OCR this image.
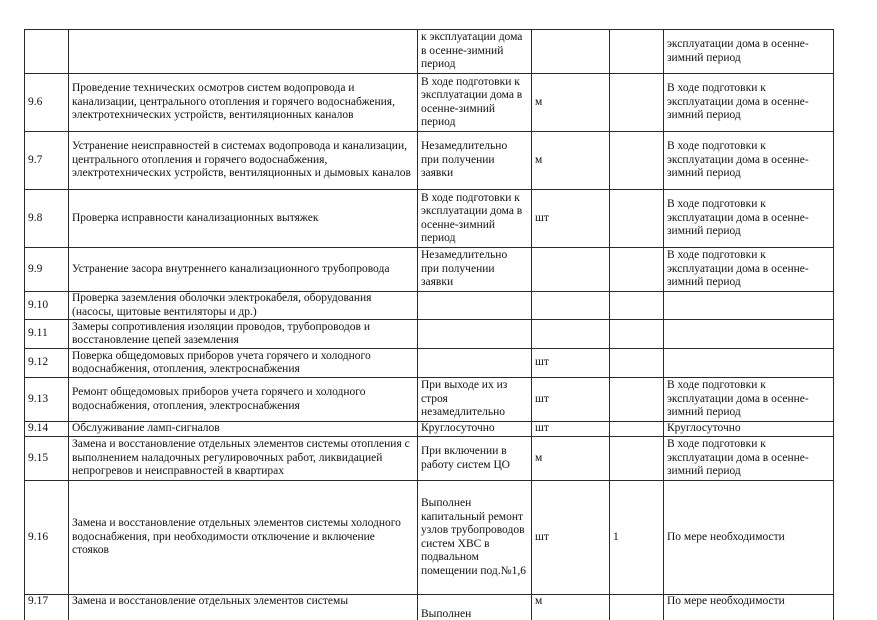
		к эксплуатации дома в осенне-зимний период			эксплуатации дома в осенне-зимний период
9.6	Проведение технических осмотров систем водопровода и канализации, центрального отопления и горячего водоснабжения, электротехнических устройств, вентиляционных каналов	В ходе подготовки к эксплуатации дома в осенне-зимний период	м		В ходе подготовки к эксплуатации дома в осенне-зимний период
9.7	Устранение неисправностей в системах водопровода и канализации, центрального отопления и горячего водоснабжения, электротехнических устройств, вентиляционных и дымовых каналов	Незамедлительно при получении заявки	м		В ходе подготовки к эксплуатации дома в осенне-зимний период
9.8	Проверка исправности канализационных вытяжек	В ходе подготовки к эксплуатации дома в осенне-зимний период	шт		В ходе подготовки к эксплуатации дома в осенне-зимний период
9.9	Устранение засора внутреннего канализационного трубопровода	Незамедлительно при получении заявки			В ходе подготовки к эксплуатации дома в осенне-зимний период
9.10	Проверка заземления оболочки электрокабеля, оборудования (насосы, щитовые вентиляторы и др.)				
9.11	Замеры сопротивления изоляции проводов, трубопроводов и восстановление цепей заземления				
9.12	Поверка общедомовых приборов учета горячего и холодного водоснабжения, отопления, электроснабжения		шт		
9.13	Ремонт общедомовых приборов учета горячего и холодного водоснабжения, отопления, электроснабжения	При выходе их из строя незамедлительно	шт		В ходе подготовки к эксплуатации дома в осенне-зимний период
9.14	Обслуживание ламп-сигналов	Круглосуточно	шт		Круглосуточно
9.15	Замена и восстановление отдельных элементов системы отопления с выполнением наладочных регулировочных работ, ликвидацией непрогревов и неисправностей в квартирах	При включении в работу систем ЦО	м		В ходе подготовки к эксплуатации дома в осенне-зимний период
9.16	Замена и восстановление отдельных элементов системы холодного водоснабжения, при необходимости отключение и включение стояков	Выполнен капитальный ремонт узлов трубопроводов систем ХВС в подвальном помещении под.№1,6	шт	1	По мере необходимости
9.17	Замена и восстановление отдельных элементов системы	Выполнен	м		По мере необходимости
